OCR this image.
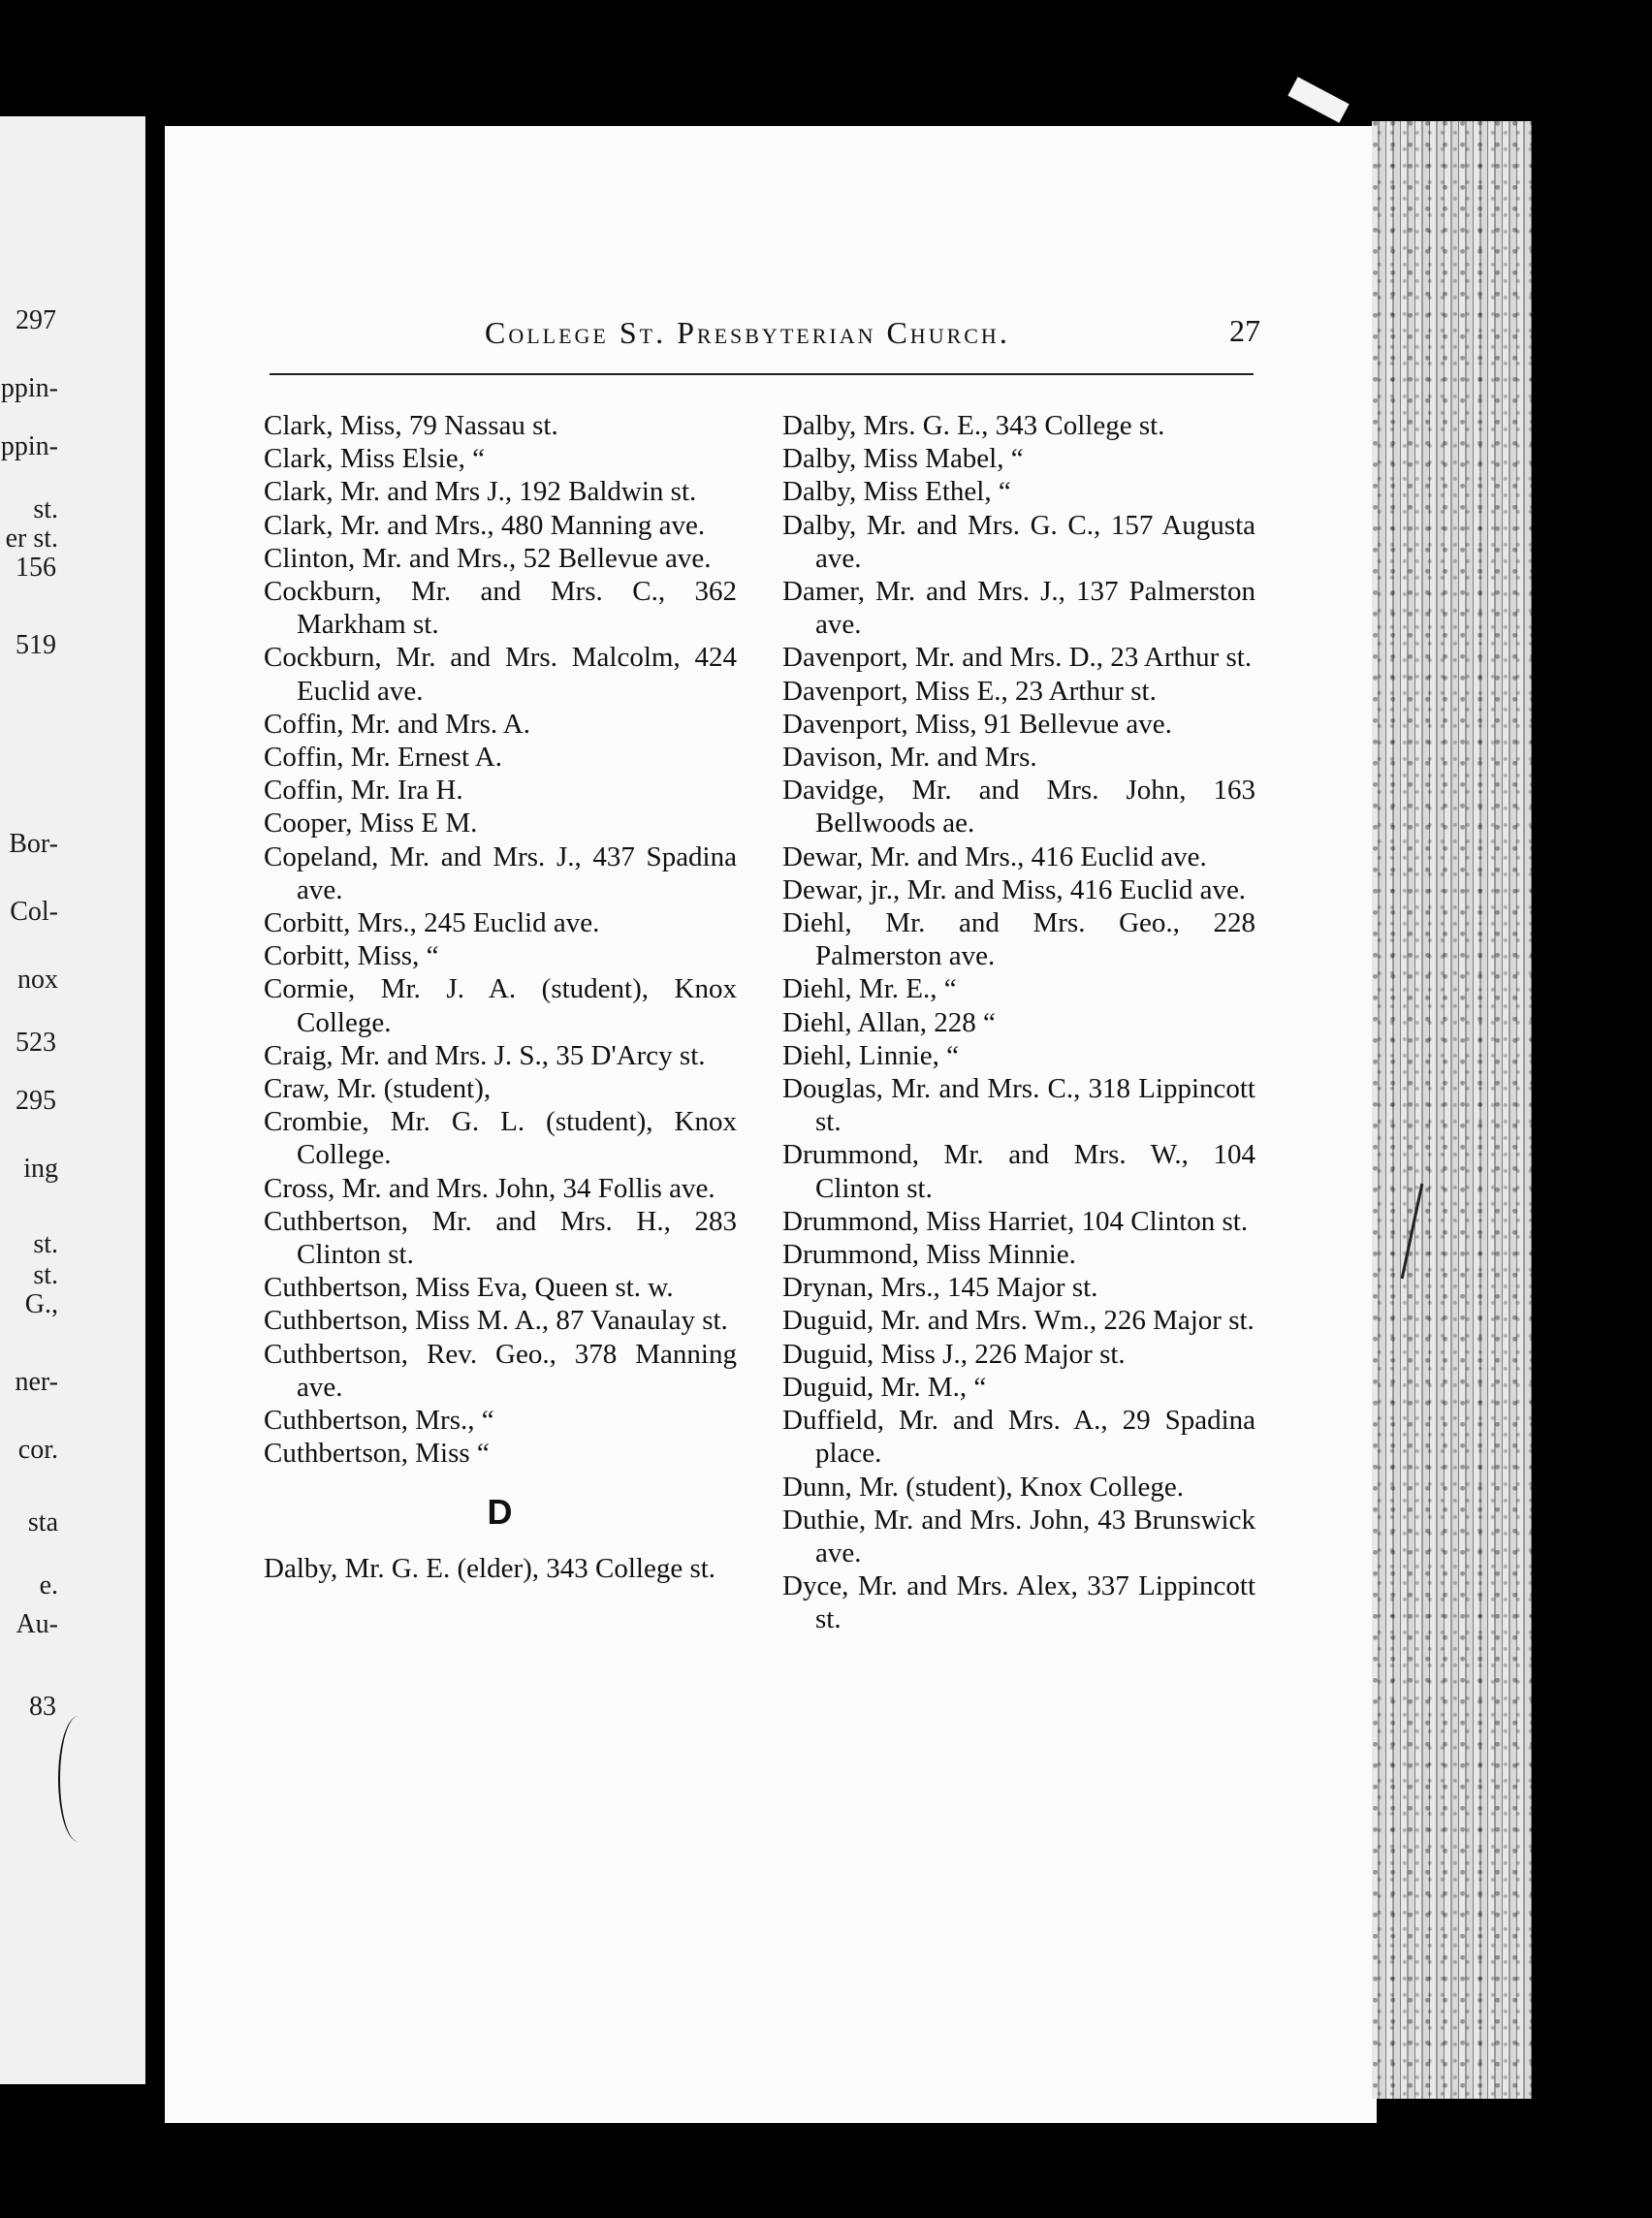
297
ppin-
ppin-
st.
er st.
156
519
Bor-
Col-
nox
523
295
ing
st.
st.
G.,
ner-
cor.
sta
e.
Au-
83
College St. Presbyterian Church.	27

Clark, Miss, 79 Nassau st.

Clark, Miss Elsie, “

Clark, Mr. and Mrs J., 192 Baldwin st.

Clark, Mr. and Mrs., 480 Manning ave.

Clinton, Mr. and Mrs., 52 Bellevue ave.

Cockburn, Mr. and Mrs. C., 362 Markham st.

Cockburn, Mr. and Mrs. Malcolm, 424 Euclid ave.

Coffin, Mr. and Mrs. A.

Coffin, Mr. Ernest A.

Coffin, Mr. Ira H.

Cooper, Miss E M.

Copeland, Mr. and Mrs. J., 437 Spadina ave.

Corbitt, Mrs., 245 Euclid ave.

Corbitt, Miss, “

Cormie, Mr. J. A. (student), Knox College.

Craig, Mr. and Mrs. J. S., 35 D'Arcy st.

Craw, Mr. (student),

Crombie, Mr. G. L. (student), Knox College.

Cross, Mr. and Mrs. John, 34 Follis ave.

Cuthbertson, Mr. and Mrs. H., 283 Clinton st.

Cuthbertson, Miss Eva, Queen st. w.

Cuthbertson, Miss M. A., 87 Vanaulay st.

Cuthbertson, Rev. Geo., 378 Manning ave.

Cuthbertson, Mrs., “

Cuthbertson, Miss “

D

Dalby, Mr. G. E. (elder), 343 College st.

Dalby, Mrs. G. E., 343 College st.

Dalby, Miss Mabel, “

Dalby, Miss Ethel, “

Dalby, Mr. and Mrs. G. C., 157 Augusta ave.

Damer, Mr. and Mrs. J., 137 Palmerston ave.

Davenport, Mr. and Mrs. D., 23 Arthur st.

Davenport, Miss E., 23 Arthur st.

Davenport, Miss, 91 Bellevue ave.

Davison, Mr. and Mrs.

Davidge, Mr. and Mrs. John, 163 Bellwoods ae.

Dewar, Mr. and Mrs., 416 Euclid ave.

Dewar, jr., Mr. and Miss, 416 Euclid ave.

Diehl, Mr. and Mrs. Geo., 228 Palmerston ave.

Diehl, Mr. E., “

Diehl, Allan, 228 “

Diehl, Linnie, “

Douglas, Mr. and Mrs. C., 318 Lippincott st.

Drummond, Mr. and Mrs. W., 104 Clinton st.

Drummond, Miss Harriet, 104 Clinton st.

Drummond, Miss Minnie.

Drynan, Mrs., 145 Major st.

Duguid, Mr. and Mrs. Wm., 226 Major st.

Duguid, Miss J., 226 Major st.

Duguid, Mr. M., “

Duffield, Mr. and Mrs. A., 29 Spadina place.

Dunn, Mr. (student), Knox College.

Duthie, Mr. and Mrs. John, 43 Brunswick ave.

Dyce, Mr. and Mrs. Alex, 337 Lippincott st.
